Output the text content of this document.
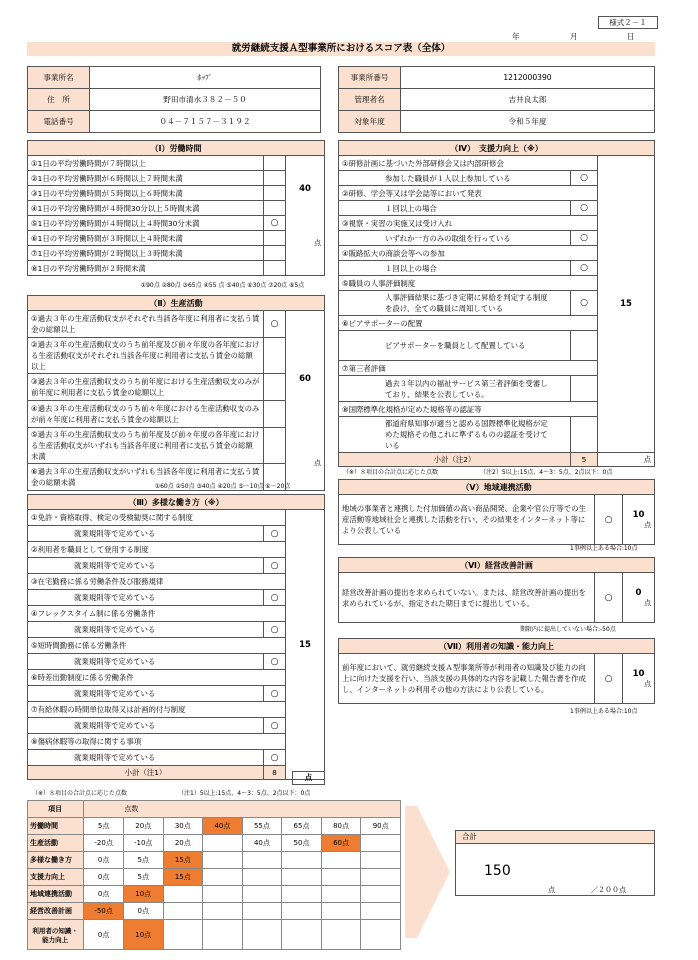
様式２－１
年	月	日
就労継続支援Ａ型事業所におけるスコア表（全体）
事業所名	ﾎｯﾌﾟ
住　所	野田市清水３８２－５０
電話番号	０４－７１５７－３１９２
事業所番号	1212000390
管理者名	吉井良太郎
対象年度	令和５年度
（Ⅰ）労働時間		
①1日の平均労働時間が７時間以上		40
点

②1日の平均労働時間が６時間以上７時間未満		
③1日の平均労働時間が５時間以上６時間未満		
④1日の平均労働時間が４時間30分以上５時間未満		
⑤1日の平均労働時間が４時間以上４時間30分未満	○	
⑥1日の平均労働時間が３時間以上４時間未満		
⑦1日の平均労働時間が２時間以上３時間未満		
⑧1日の平均労働時間が２時間未満		
①90点 ②80点 ③65点 ④55 点 ⑤40点 ⑥30点 ⑦20点 ⑧5点
（Ⅱ）生産活動		
①過去３年の生産活動収支がそれぞれ当該各年度に利用者に支払う賃金の総額以上	○	60
点

②過去３年の生産活動収支のうち前年度及び前々年度の各年度における生産活動収支がそれぞれ当該各年度に利用者に支払う賃金の総額以上		
③過去３年の生産活動収支のうち前年度における生産活動収支のみが前年度に利用者に支払う賃金の総額以上		
④過去３年の生産活動収支のうち前々年度における生産活動収支のみが前々年度に利用者に支払う賃金の総額以上		
⑤過去３年の生産活動収支のうち前年度及び前々年度の各年度における生産活動収支がいずれも当該各年度に利用者に支払う賃金の総額未満		
⑥過去３年の生産活動収支がいずれも当該各年度に利用者に支払う賃金の総額未満			①60点 ②50点 ③40点 ④20点 ⑤－10点 ⑥－20点
（Ⅲ）多様な働き方（※）		
①免許・資格取得、検定の受検勧奨に関する制度		15
就業規則等で定めている	○	
②利用者を職員として登用する制度		
就業規則等で定めている	○	
③在宅勤務に係る労働条件及び服務規律		
就業規則等で定めている	○	
④フレックスタイム制に係る労働条件		
就業規則等で定めている	○	
⑤短時間勤務に係る労働条件		
就業規則等で定めている	○	
⑥時差出勤制度に係る労働条件		
就業規則等で定めている	○	
⑦有給休暇の時間単位取得又は計画的付与制度		
就業規則等で定めている	○	
⑧傷病休暇等の取得に関する事項		
就業規則等で定めている	○	
小計（注1）	8	
点
（※）８項目の合計点に応じた点数	（注1）5以上:15点、4～3：5点、2点以下：0点
（Ⅳ）　支援力向上（※）		
①研修計画に基づいた外部研修会又は内部研修会		15
参加した職員が１人以上参加している	○	
②研修、学会等又は学会誌等において発表		
１回以上の場合	○	
③視察・実習の実施又は受け入れ		
いずれか一方のみの取組を行っている	○	
④販路拡大の商談会等への参加		
１回以上の場合	○	
⑤職員の人事評価制度		
人事評価結果に基づき定期に昇給を判定する制度を設け、全ての職員に周知している	○	
⑥ピアサポーターの配置		
ピアサポーターを職員として配置している		
⑦第三者評価		
過去３年以内の福祉サービス第三者評価を受審しており、結果を公表している。		
⑧国際標準化規格が定めた規格等の認証等		
都道府県知事が適当と認める国際標準化規格が定めた規格その他これに準ずるものの認証を受けている		
小計（注2）	5	点
（※）８項目の合計点に応じた点数	（注2）5以上:15点、4～3：5点、2点以下：0点
（Ⅴ）地域連携活動
地域の事業者と連携した付加価値の高い商品開発、企業や官公庁等での生産活動等地域社会と連携した活動を行い、その結果をインターネット等により公表している	○	10
点
1事例以上ある場合:10点
（Ⅵ）経営改善計画
経営改善計画の提出を求められていない。または、経営改善計画の提出を求められているが、指定された期日までに提出している。	○	0
点
期限内に提出していない場合:-50点
（Ⅶ）利用者の知識・能力向上
前年度において、就労継続支援Ａ型事業所等が利用者の知識及び能力の向上に向けた支援を行い、当該支援の具体的な内容を記載した報告書を作成し、インターネットの利用その他の方法により公表している。	○	10
点
1事例以上ある場合:10点
項目	点数							
労働時間	5点	20点	30点	40点	55点	65点	80点	90点
生産活動	-20点	-10点	20点		40点	50点	60点	
多様な働き方	0点	5点	15点					
支援力向上	0点	5点	15点					
地域連携活動	0点	10点						
経営改善計画	-50点	0点						
利用者の知識・能力向上	0点	10点						
合計
150
点	／２００点
